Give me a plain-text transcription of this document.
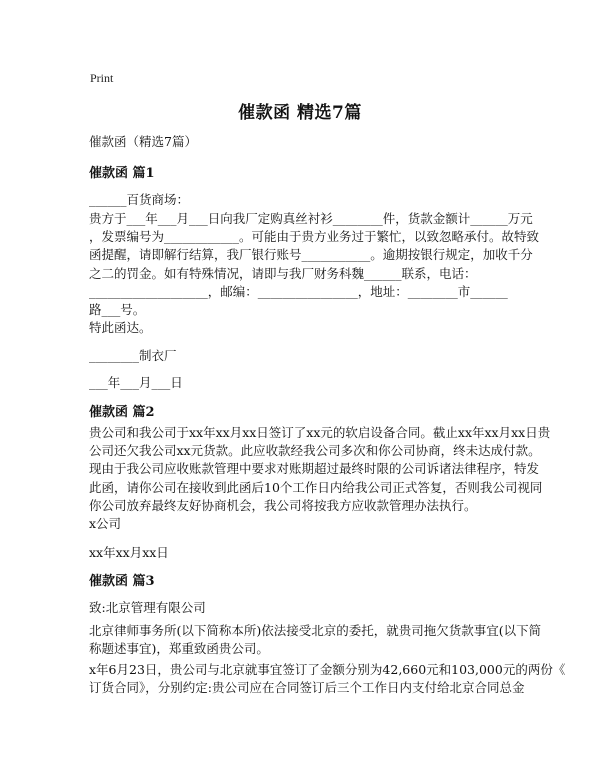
Print
催款函 精选7篇
催款函（精选7篇）
催款函 篇1
______百货商场：
贵方于___年___月___日向我厂定购真丝衬衫________件，货款金额计______万元
，发票编号为____________。可能由于贵方业务过于繁忙，以致忽略承付。故特致
函提醒，请即解行结算，我厂银行账号___________。逾期按银行规定，加收千分
之二的罚金。如有特殊情况，请即与我厂财务科魏______联系，电话：
___________________，邮编：________________，地址：________市______
路___号。
特此函达。
________制衣厂
___年___月___日
催款函 篇2
贵公司和我公司于xx年xx月xx日签订了xx元的软启设备合同。截止xx年xx月xx日贵
公司还欠我公司xx元货款。此应收款经我公司多次和你公司协商，终未达成付款。
现由于我公司应收账款管理中要求对账期超过最终时限的公司诉诸法律程序，特发
此函，请你公司在接收到此函后10个工作日内给我公司正式答复，否则我公司视同
你公司放弃最终友好协商机会，我公司将按我方应收款管理办法执行。
x公司
xx年xx月xx日
催款函 篇3
致:北京管理有限公司
北京律师事务所(以下简称本所)依法接受北京的委托，就贵司拖欠货款事宜(以下简
称题述事宜)，郑重致函贵公司。
x年6月23日，贵公司与北京就事宜签订了金额分别为42,660元和103,000元的两份《
订货合同》，分别约定:贵公司应在合同签订后三个工作日内支付给北京合同总金
